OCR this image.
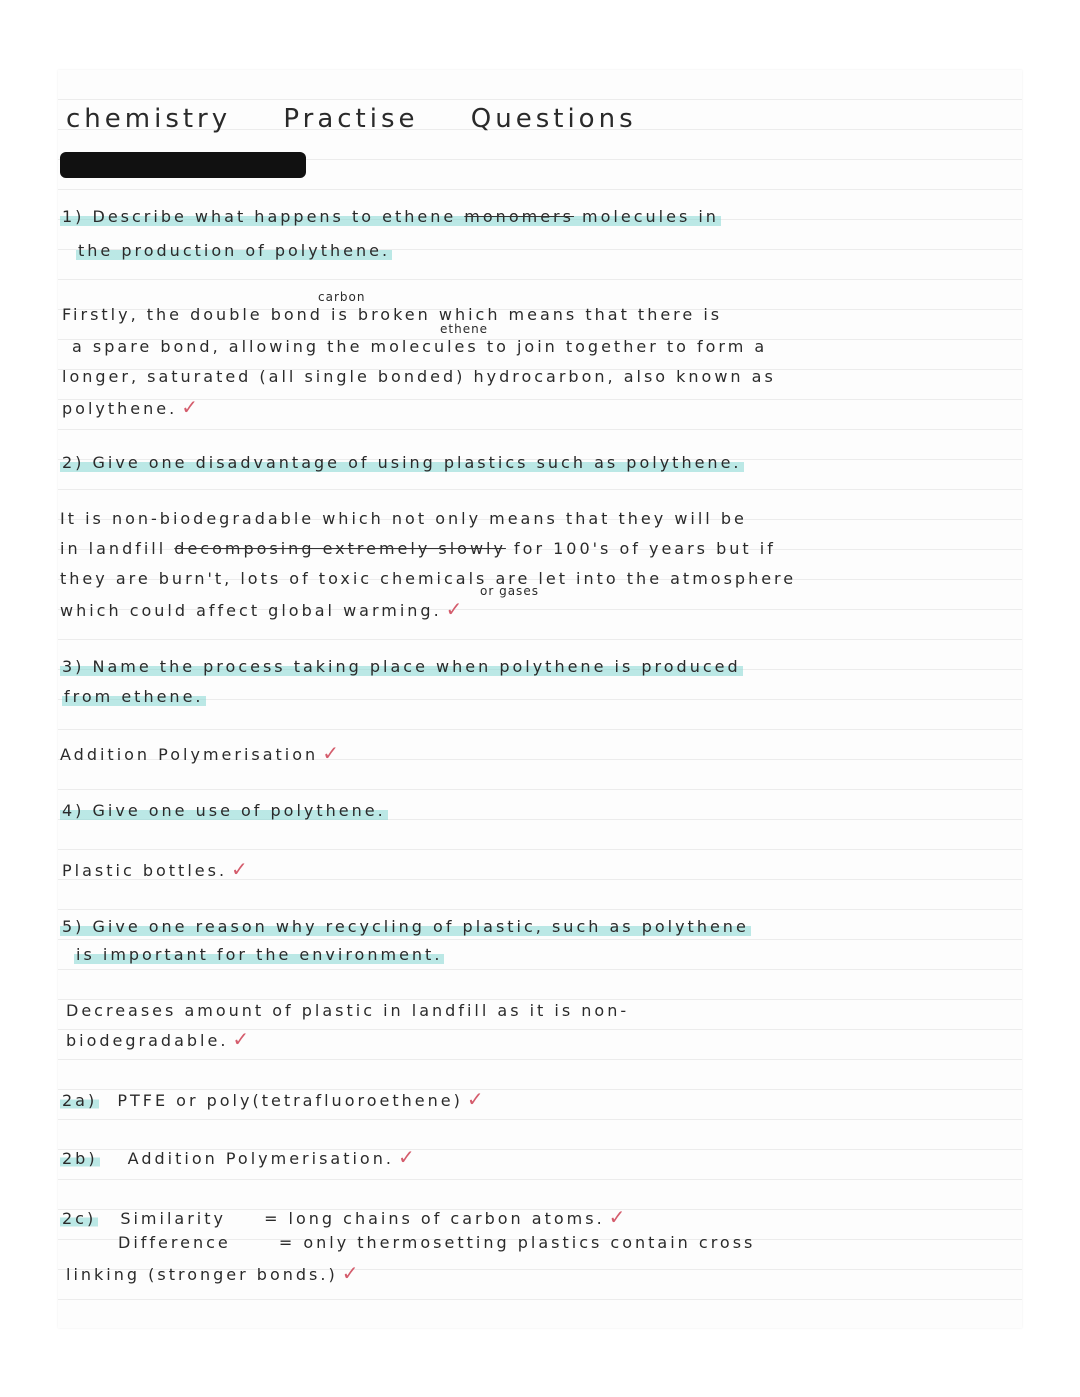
chemistry Practise Questions
1) Describe what happens to ethene monomers molecules in
the production of polythene.
carbon
Firstly, the double bond is broken which means that there is
ethene
a spare bond, allowing the molecules to join together to form a
longer, saturated (all single bonded) hydrocarbon, also known as
polythene. ✓
2) Give one disadvantage of using plastics such as polythene.
It is non-biodegradable which not only means that they will be
in landfill decomposing extremely slowly for 100's of years but if
or gases
they are burn't, lots of toxic chemicals are let into the atmosphere
which could affect global warming. ✓
3) Name the process taking place when polythene is produced
from ethene.
Addition Polymerisation ✓
4) Give one use of polythene.
Plastic bottles. ✓
5) Give one reason why recycling of plastic, such as polythene
is important for the environment.
Decreases amount of plastic in landfill as it is non-
biodegradable. ✓
2a) PTFE or poly(tetrafluoroethene) ✓
2b) Addition Polymerisation. ✓
2c) Similarity = long chains of carbon atoms. ✓
Difference	= only thermosetting plastics contain cross
linking (stronger bonds.) ✓
